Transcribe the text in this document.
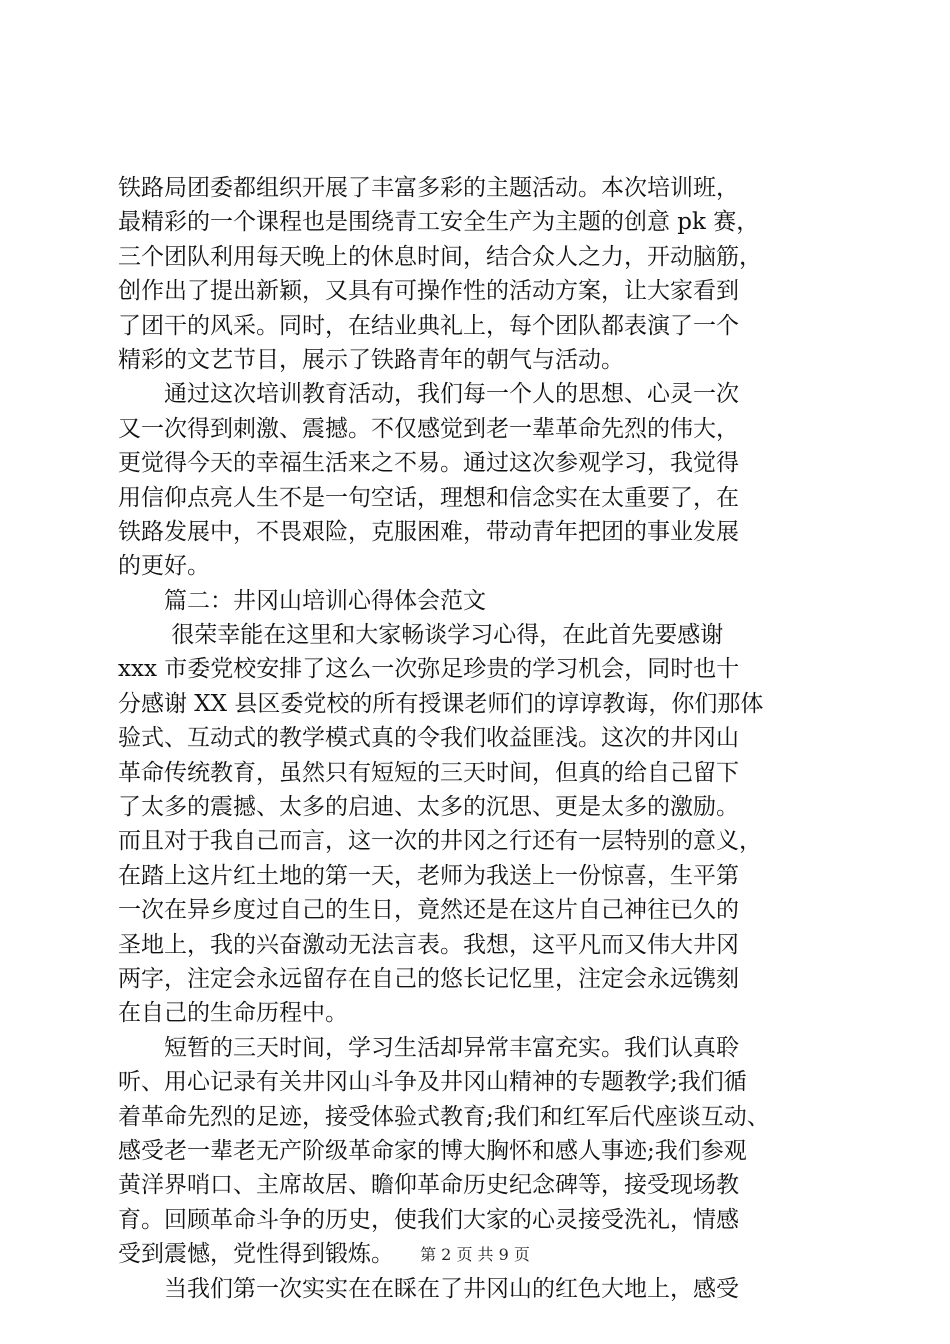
铁路局团委都组织开展了丰富多彩的主题活动。本次培训班，
最精彩的一个课程也是围绕青工安全生产为主题的创意 pk 赛，
三个团队利用每天晚上的休息时间，结合众人之力，开动脑筋，
创作出了提出新颖，又具有可操作性的活动方案，让大家看到
了团干的风采。同时，在结业典礼上，每个团队都表演了一个
精彩的文艺节目，展示了铁路青年的朝气与活动。
　　通过这次培训教育活动，我们每一个人的思想、心灵一次
又一次得到刺激、震撼。不仅感觉到老一辈革命先烈的伟大，
更觉得今天的幸福生活来之不易。通过这次参观学习，我觉得
用信仰点亮人生不是一句空话，理想和信念实在太重要了，在
铁路发展中，不畏艰险，克服困难，带动青年把团的事业发展
的更好。
　　篇二：井冈山培训心得体会范文
　　 很荣幸能在这里和大家畅谈学习心得，在此首先要感谢
xxx 市委党校安排了这么一次弥足珍贵的学习机会，同时也十
分感谢 XX 县区委党校的所有授课老师们的谆谆教诲，你们那体
验式、互动式的教学模式真的令我们收益匪浅。这次的井冈山
革命传统教育，虽然只有短短的三天时间，但真的给自己留下
了太多的震撼、太多的启迪、太多的沉思、更是太多的激励。
而且对于我自己而言，这一次的井冈之行还有一层特别的意义，
在踏上这片红土地的第一天，老师为我送上一份惊喜，生平第
一次在异乡度过自己的生日，竟然还是在这片自己神往已久的
圣地上，我的兴奋激动无法言表。我想，这平凡而又伟大井冈
两字，注定会永远留存在自己的悠长记忆里，注定会永远镌刻
在自己的生命历程中。
　　短暂的三天时间，学习生活却异常丰富充实。我们认真聆
听、用心记录有关井冈山斗争及井冈山精神的专题教学;我们循
着革命先烈的足迹，接受体验式教育;我们和红军后代座谈互动、
感受老一辈老无产阶级革命家的博大胸怀和感人事迹;我们参观
黄洋界哨口、主席故居、瞻仰革命历史纪念碑等，接受现场教
育。回顾革命斗争的历史，使我们大家的心灵接受洗礼，情感
受到震憾，党性得到锻炼。
　　当我们第一次实实在在睬在了井冈山的红色大地上，感受
第 2 页 共 9 页
